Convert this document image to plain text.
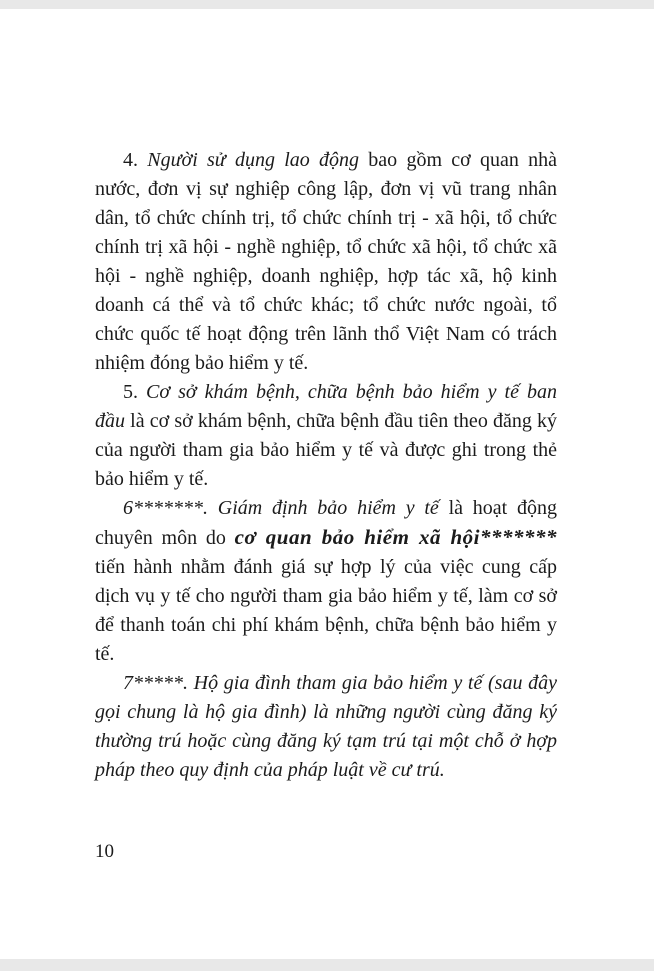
4. Người sử dụng lao động bao gồm cơ quan nhà nước, đơn vị sự nghiệp công lập, đơn vị vũ trang nhân dân, tổ chức chính trị, tổ chức chính trị - xã hội, tổ chức chính trị xã hội - nghề nghiệp, tổ chức xã hội, tổ chức xã hội - nghề nghiệp, doanh nghiệp, hợp tác xã, hộ kinh doanh cá thể và tổ chức khác; tổ chức nước ngoài, tổ chức quốc tế hoạt động trên lãnh thổ Việt Nam có trách nhiệm đóng bảo hiểm y tế.

5. Cơ sở khám bệnh, chữa bệnh bảo hiểm y tế ban đầu là cơ sở khám bệnh, chữa bệnh đầu tiên theo đăng ký của người tham gia bảo hiểm y tế và được ghi trong thẻ bảo hiểm y tế.

6*******. Giám định bảo hiểm y tế là hoạt động chuyên môn do cơ quan bảo hiểm xã hội******* tiến hành nhằm đánh giá sự hợp lý của việc cung cấp dịch vụ y tế cho người tham gia bảo hiểm y tế, làm cơ sở để thanh toán chi phí khám bệnh, chữa bệnh bảo hiểm y tế.

7*****. Hộ gia đình tham gia bảo hiểm y tế (sau đây gọi chung là hộ gia đình) là những người cùng đăng ký thường trú hoặc cùng đăng ký tạm trú tại một chỗ ở hợp pháp theo quy định của pháp luật về cư trú.

10
